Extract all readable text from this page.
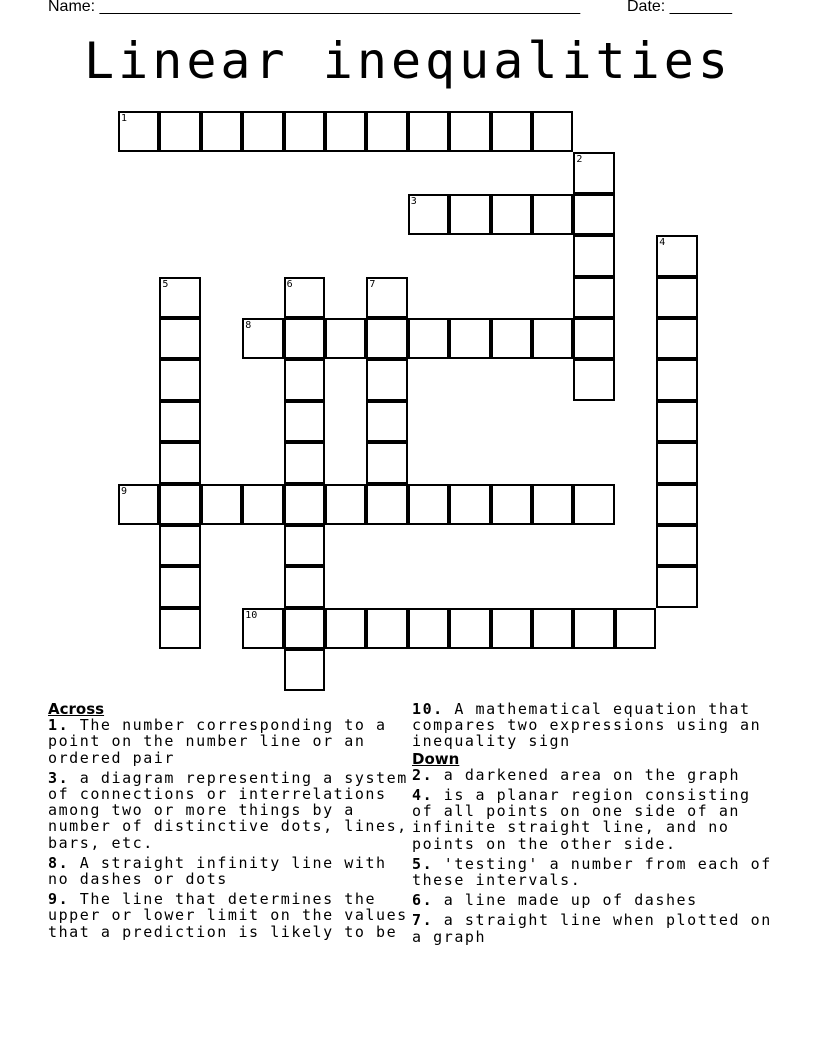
Name: ______________________________________________________	Date: _______
Linear inequalities
1
2
3
4
5	6	7
8
9
10
Across
1. The number corresponding to a point on the number line or an ordered pair
3. a diagram representing a system of connections or interrelations among two or more things by a number of distinctive dots, lines, bars, etc.
8. A straight infinity line with no dashes or dots
9. The line that determines the upper or lower limit on the values that a prediction is likely to be
10. A mathematical equation that compares two expressions using an inequality sign
Down
2. a darkened area on the graph
4. is a planar region consisting of all points on one side of an infinite straight line, and no points on the other side.
5. 'testing' a number from each of these intervals.
6. a line made up of dashes
7. a straight line when plotted on a graph
